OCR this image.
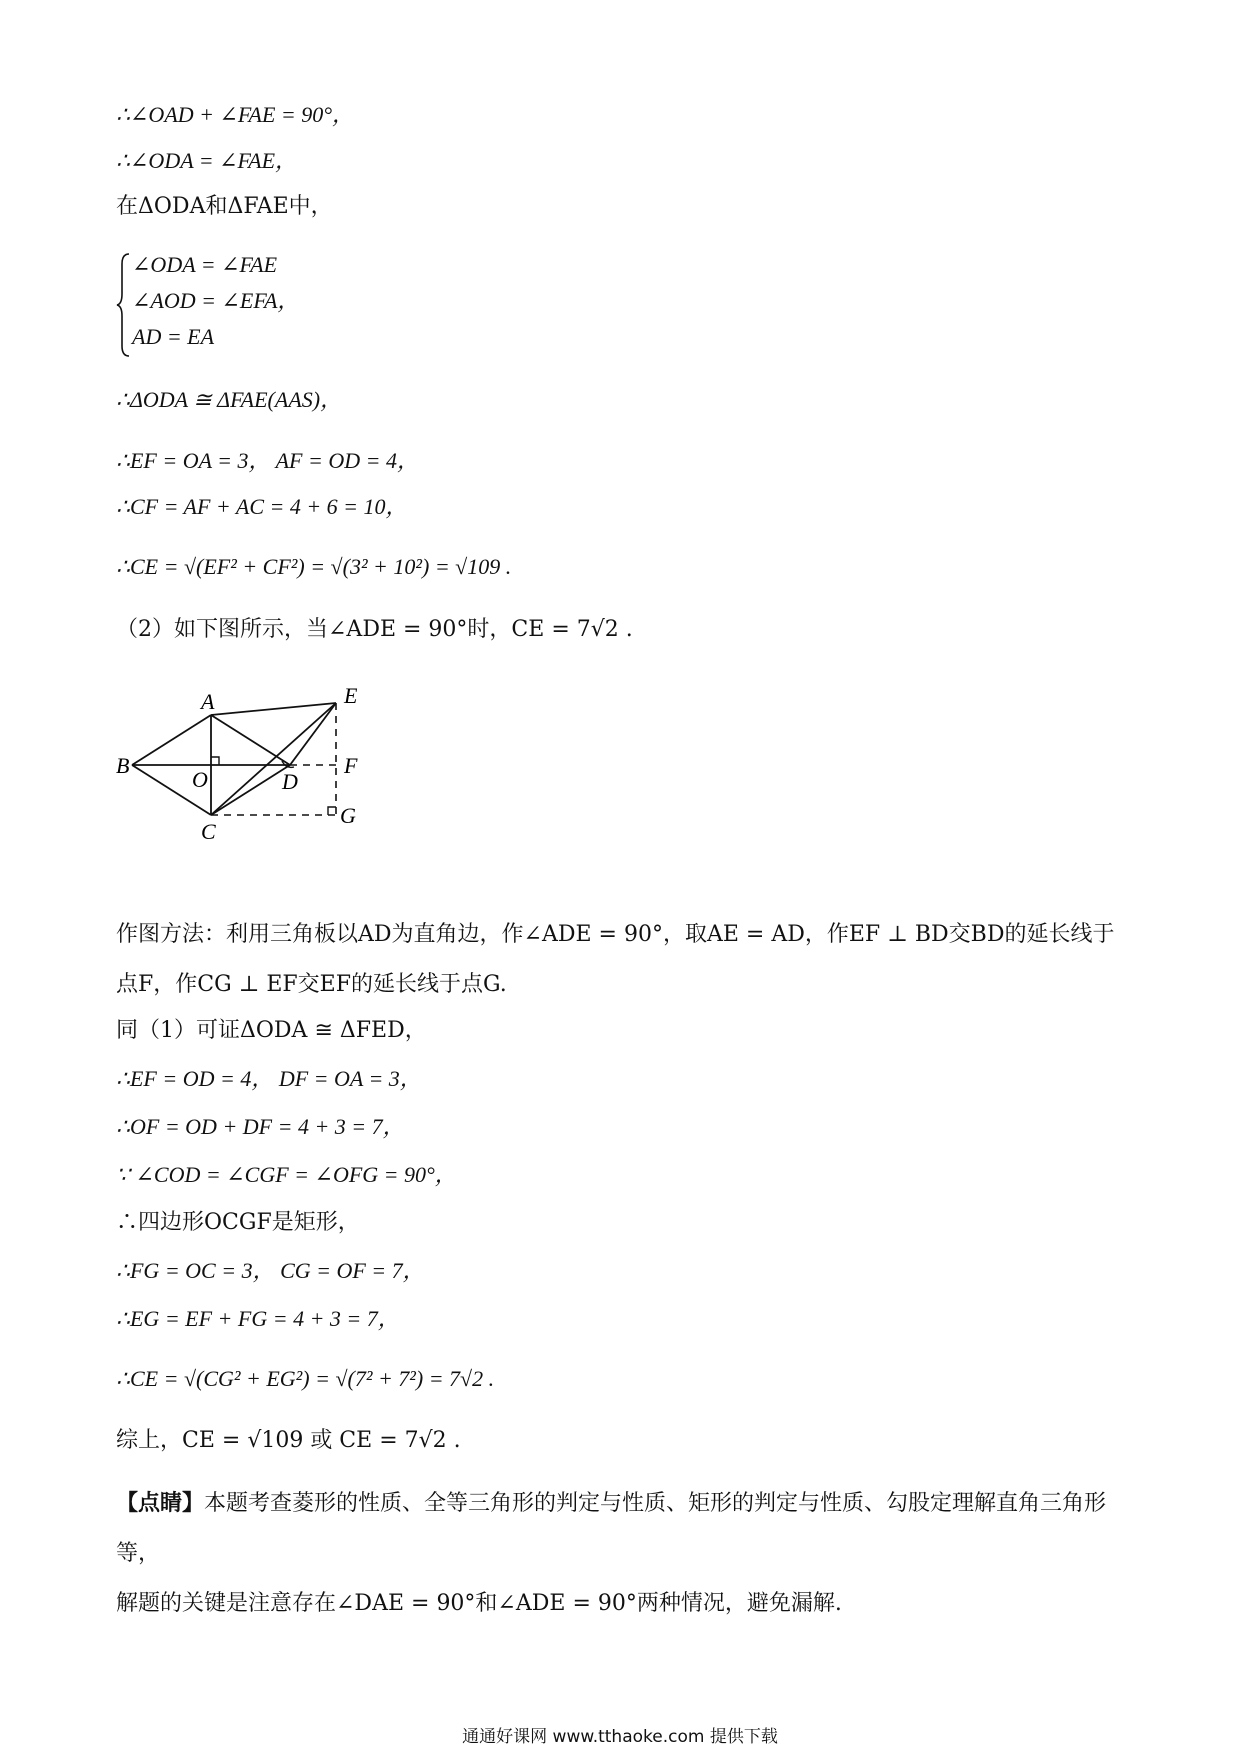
∴∠OAD + ∠FAE = 90°，
∴∠ODA = ∠FAE，
在ΔODA和ΔFAE中，
∠ODA = ∠FAE
∠AOD = ∠EFA，
AD = EA
∴ΔODA ≅ ΔFAE(AAS)，
∴EF = OA = 3， AF = OD = 4，
∴CF = AF + AC = 4 + 6 = 10，
∴CE = √(EF² + CF²) = √(3² + 10²) = √109 .
（2）如下图所示，当∠ADE = 90°时，CE = 7√2 .
A
B
C
D
E
F
G
O
作图方法：利用三角板以AD为直角边，作∠ADE = 90°，取AE = AD，作EF ⊥ BD交BD的延长线于
点F，作CG ⊥ EF交EF的延长线于点G.
同（1）可证ΔODA ≅ ΔFED，
∴EF = OD = 4， DF = OA = 3，
∴OF = OD + DF = 4 + 3 = 7，
∵ ∠COD = ∠CGF = ∠OFG = 90°，
∴四边形OCGF是矩形，
∴FG = OC = 3， CG = OF = 7，
∴EG = EF + FG = 4 + 3 = 7，
∴CE = √(CG² + EG²) = √(7² + 7²) = 7√2 .
综上，CE = √109 或 CE = 7√2 .
【点睛】本题考查菱形的性质、全等三角形的判定与性质、矩形的判定与性质、勾股定理解直角三角形等，
解题的关键是注意存在∠DAE = 90°和∠ADE = 90°两种情况，避免漏解.
通通好课网 www.tthaoke.com 提供下载
